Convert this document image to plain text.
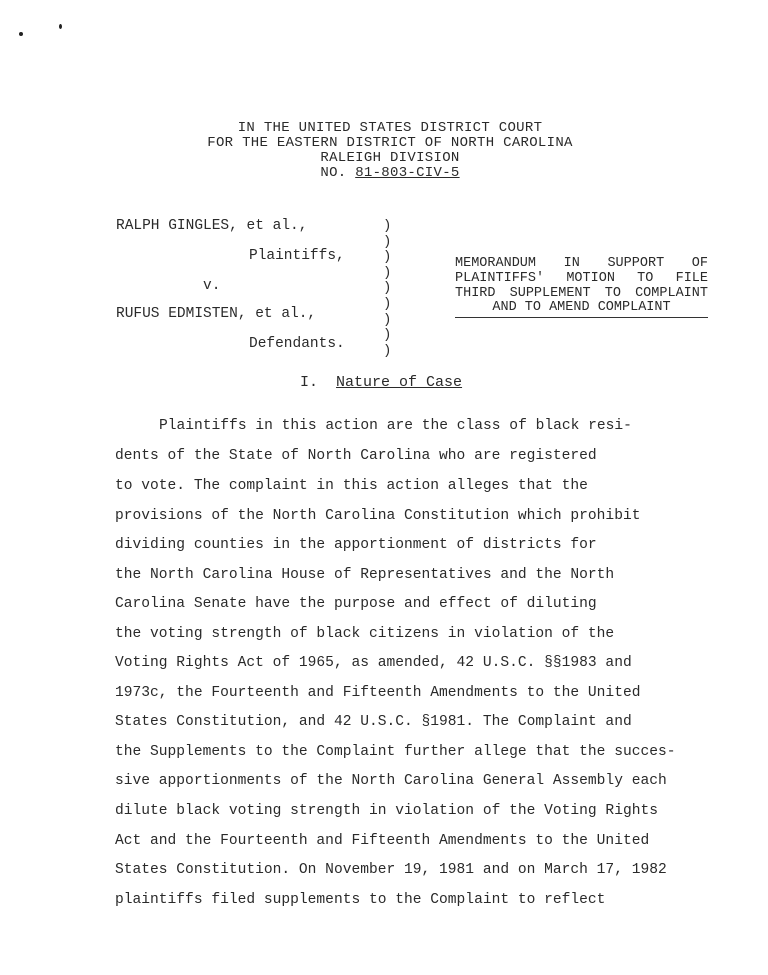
IN THE UNITED STATES DISTRICT COURT
FOR THE EASTERN DISTRICT OF NORTH CAROLINA
RALEIGH DIVISION
NO. 81-803-CIV-5
RALPH GINGLES, et al.,
Plaintiffs,
v.
RUFUS EDMISTEN, et al.,
Defendants.
)
)
)
)
)
)
)
)
)
MEMORANDUM IN SUPPORT OF
PLAINTIFFS' MOTION TO FILE
THIRD SUPPLEMENT TO COMPLAINT
AND TO AMEND COMPLAINT
I. Nature of Case
Plaintiffs in this action are the class of black resi-
dents of the State of North Carolina who are registered
to vote. The complaint in this action alleges that the
provisions of the North Carolina Constitution which prohibit
dividing counties in the apportionment of districts for
the North Carolina House of Representatives and the North
Carolina Senate have the purpose and effect of diluting
the voting strength of black citizens in violation of the
Voting Rights Act of 1965, as amended, 42 U.S.C. §§1983 and
1973c, the Fourteenth and Fifteenth Amendments to the United
States Constitution, and 42 U.S.C. §1981. The Complaint and
the Supplements to the Complaint further allege that the succes-
sive apportionments of the North Carolina General Assembly each
dilute black voting strength in violation of the Voting Rights
Act and the Fourteenth and Fifteenth Amendments to the United
States Constitution. On November 19, 1981 and on March 17, 1982
plaintiffs filed supplements to the Complaint to reflect
